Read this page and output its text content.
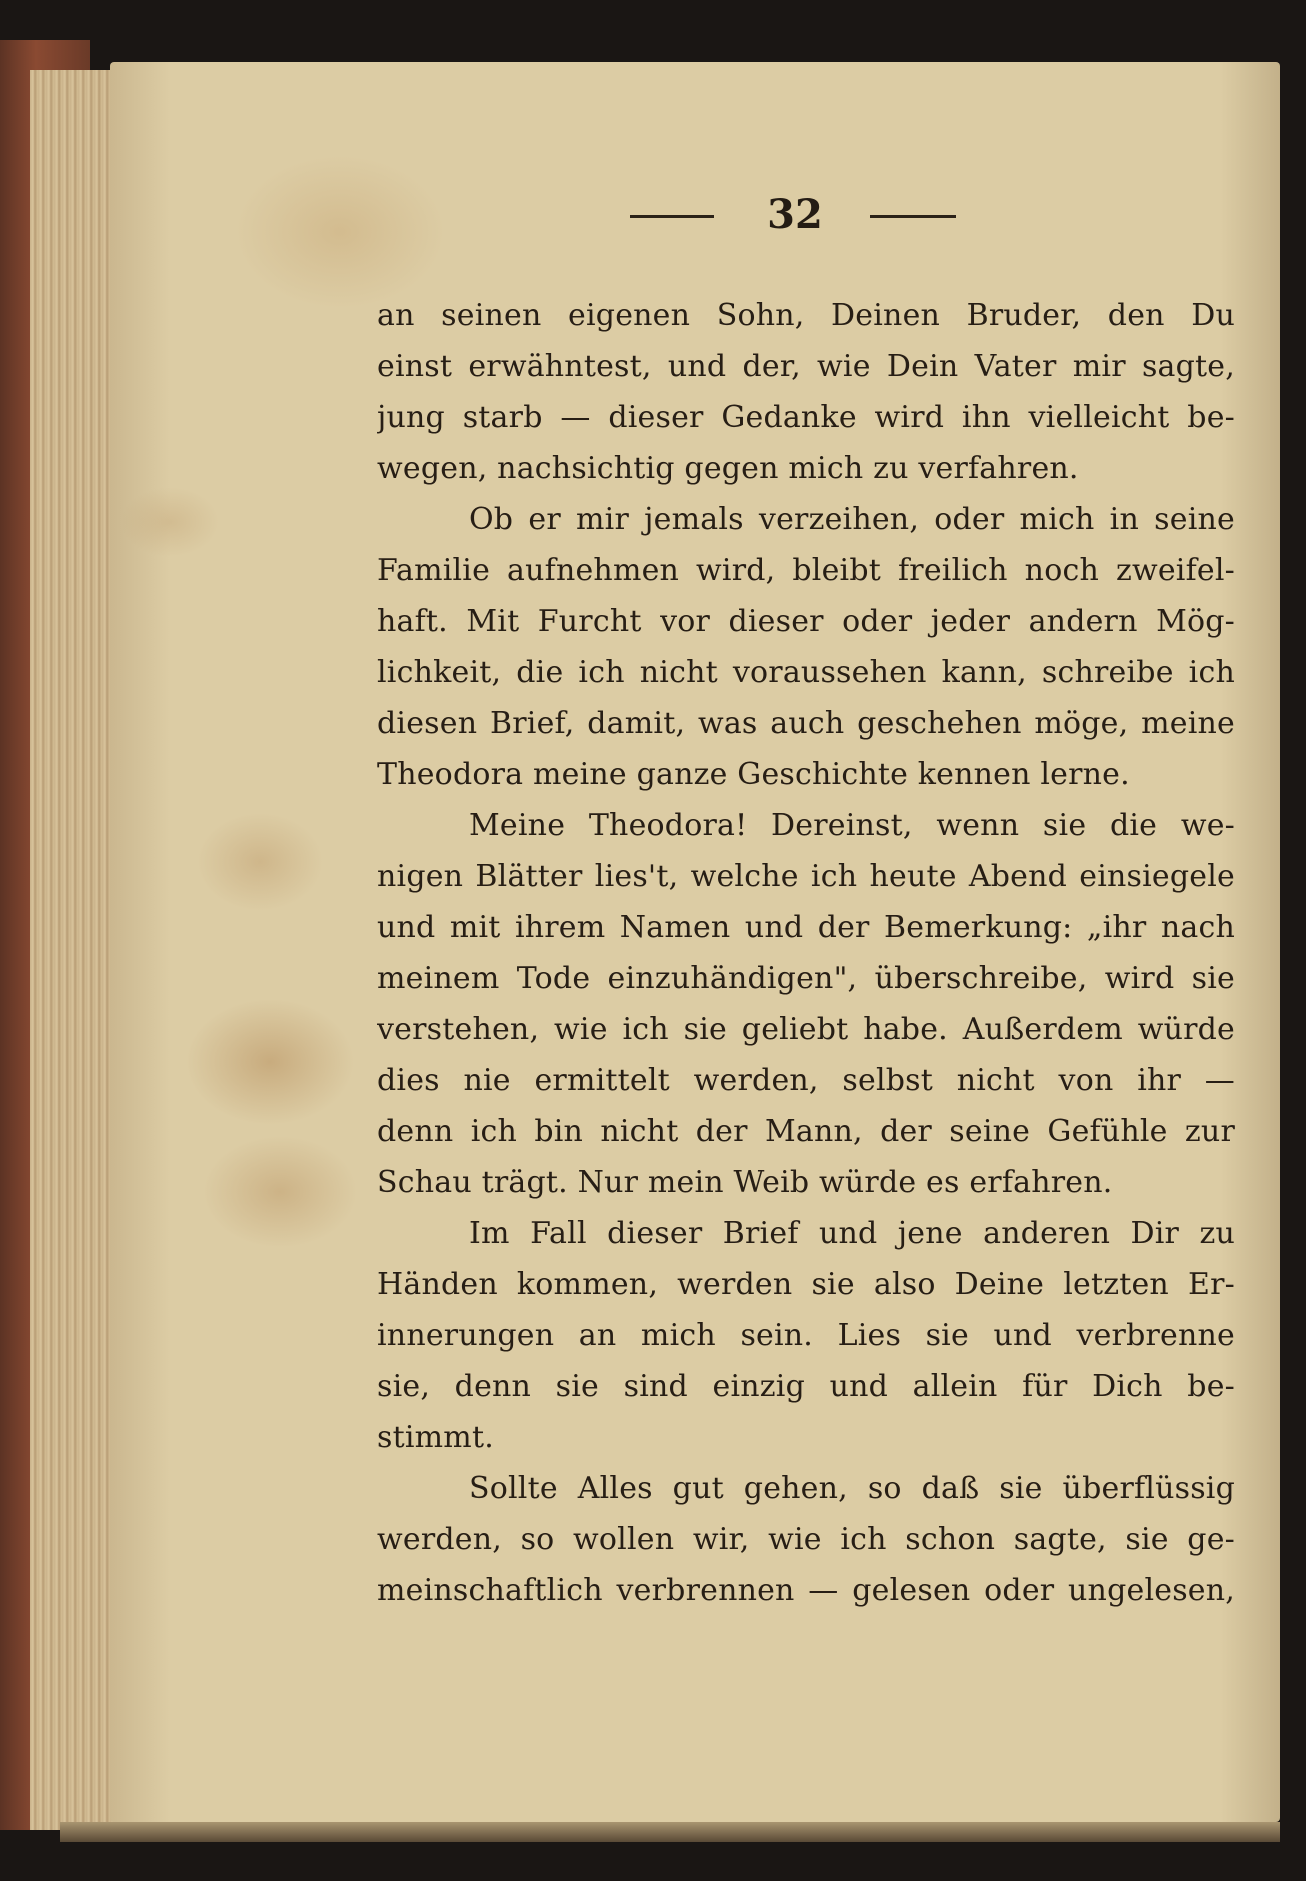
32
an seinen eigenen Sohn, Deinen Bruder, den Du
einst erwähntest, und der, wie Dein Vater mir sagte,
jung starb — dieser Gedanke wird ihn vielleicht be-
wegen, nachsichtig gegen mich zu verfahren.
Ob er mir jemals verzeihen, oder mich in seine
Familie aufnehmen wird, bleibt freilich noch zweifel-
haft. Mit Furcht vor dieser oder jeder andern Mög-
lichkeit, die ich nicht voraussehen kann, schreibe ich
diesen Brief, damit, was auch geschehen möge, meine
Theodora meine ganze Geschichte kennen lerne.
Meine Theodora! Dereinst, wenn sie die we-
nigen Blätter lies't, welche ich heute Abend einsiegele
und mit ihrem Namen und der Bemerkung: „ihr nach
meinem Tode einzuhändigen", überschreibe, wird sie
verstehen, wie ich sie geliebt habe. Außerdem würde
dies nie ermittelt werden, selbst nicht von ihr —
denn ich bin nicht der Mann, der seine Gefühle zur
Schau trägt. Nur mein Weib würde es erfahren.
Im Fall dieser Brief und jene anderen Dir zu
Händen kommen, werden sie also Deine letzten Er-
innerungen an mich sein. Lies sie und verbrenne
sie, denn sie sind einzig und allein für Dich be-
stimmt.
Sollte Alles gut gehen, so daß sie überflüssig
werden, so wollen wir, wie ich schon sagte, sie ge-
meinschaftlich verbrennen — gelesen oder ungelesen,
